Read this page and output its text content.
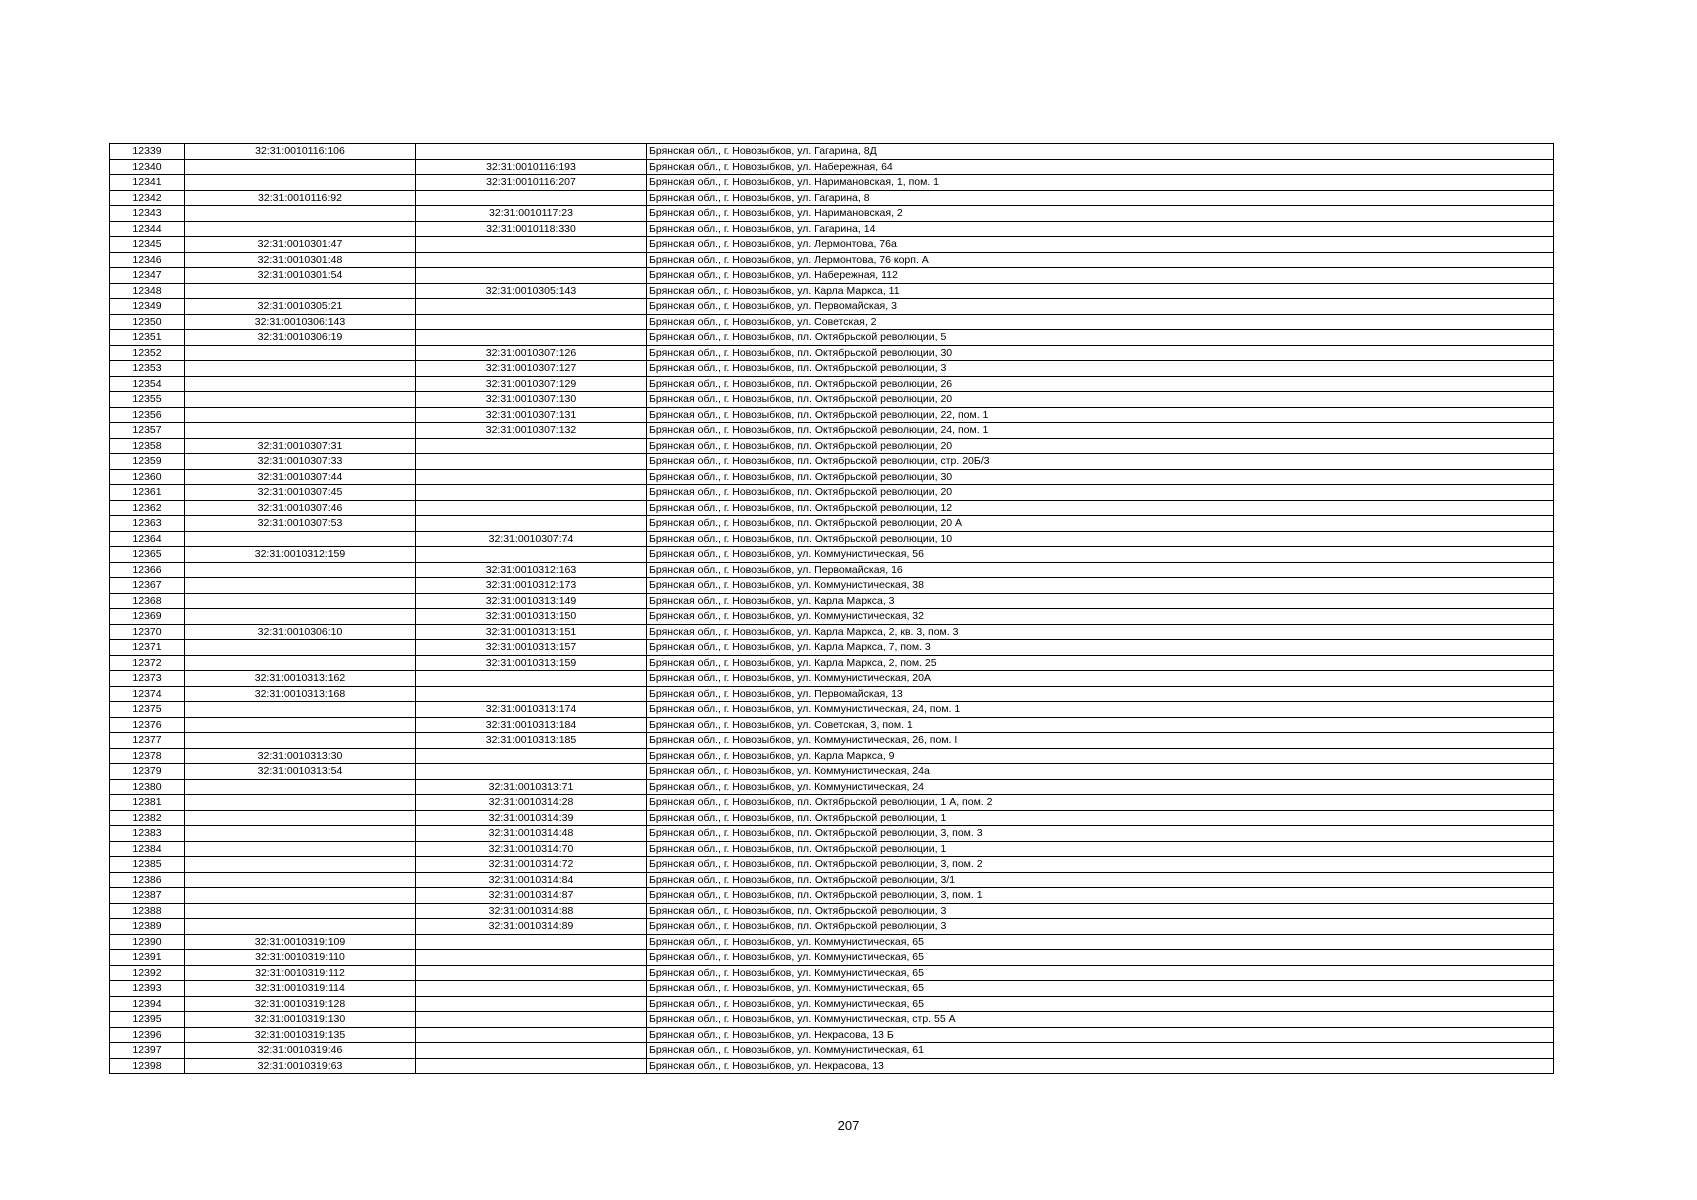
12339	32:31:0010116:106		Брянская обл., г. Новозыбков, ул. Гагарина, 8Д
12340		32:31:0010116:193	Брянская обл., г. Новозыбков, ул. Набережная, 64
12341		32:31:0010116:207	Брянская обл., г. Новозыбков, ул. Наримановская, 1, пом. 1
12342	32:31:0010116:92		Брянская обл., г. Новозыбков, ул. Гагарина, 8
12343		32:31:0010117:23	Брянская обл., г. Новозыбков, ул. Наримановская, 2
12344		32:31:0010118:330	Брянская обл., г. Новозыбков, ул. Гагарина, 14
12345	32:31:0010301:47		Брянская обл., г. Новозыбков, ул. Лермонтова, 76а
12346	32:31:0010301:48		Брянская обл., г. Новозыбков, ул. Лермонтова, 76 корп. А
12347	32:31:0010301:54		Брянская обл., г. Новозыбков, ул. Набережная, 112
12348		32:31:0010305:143	Брянская обл., г. Новозыбков, ул. Карла Маркса, 11
12349	32:31:0010305:21		Брянская обл., г. Новозыбков, ул. Первомайская, 3
12350	32:31:0010306:143		Брянская обл., г. Новозыбков, ул. Советская, 2
12351	32:31:0010306:19		Брянская обл., г. Новозыбков, пл. Октябрьской революции, 5
12352		32:31:0010307:126	Брянская обл., г. Новозыбков, пл. Октябрьской революции, 30
12353		32:31:0010307:127	Брянская обл., г. Новозыбков, пл. Октябрьской революции, 3
12354		32:31:0010307:129	Брянская обл., г. Новозыбков, пл. Октябрьской революции, 26
12355		32:31:0010307:130	Брянская обл., г. Новозыбков, пл. Октябрьской революции, 20
12356		32:31:0010307:131	Брянская обл., г. Новозыбков, пл. Октябрьской революции, 22, пом. 1
12357		32:31:0010307:132	Брянская обл., г. Новозыбков, пл. Октябрьской революции, 24, пом. 1
12358	32:31:0010307:31		Брянская обл., г. Новозыбков, пл. Октябрьской революции, 20
12359	32:31:0010307:33		Брянская обл., г. Новозыбков, пл. Октябрьской революции, стр. 20Б/3
12360	32:31:0010307:44		Брянская обл., г. Новозыбков, пл. Октябрьской революции, 30
12361	32:31:0010307:45		Брянская обл., г. Новозыбков, пл. Октябрьской революции, 20
12362	32:31:0010307:46		Брянская обл., г. Новозыбков, пл. Октябрьской революции, 12
12363	32:31:0010307:53		Брянская обл., г. Новозыбков, пл. Октябрьской революции, 20 А
12364		32:31:0010307:74	Брянская обл., г. Новозыбков, пл. Октябрьской революции, 10
12365	32:31:0010312:159		Брянская обл., г. Новозыбков, ул. Коммунистическая, 56
12366		32:31:0010312:163	Брянская обл., г. Новозыбков, ул. Первомайская, 16
12367		32:31:0010312:173	Брянская обл., г. Новозыбков, ул. Коммунистическая, 38
12368		32:31:0010313:149	Брянская обл., г. Новозыбков, ул. Карла Маркса, 3
12369		32:31:0010313:150	Брянская обл., г. Новозыбков, ул. Коммунистическая, 32
12370	32:31:0010306:10	32:31:0010313:151	Брянская обл., г. Новозыбков, ул. Карла Маркса, 2, кв. 3, пом. 3
12371		32:31:0010313:157	Брянская обл., г. Новозыбков, ул. Карла Маркса, 7, пом. 3
12372		32:31:0010313:159	Брянская обл., г. Новозыбков, ул. Карла Маркса, 2, пом. 25
12373	32:31:0010313:162		Брянская обл., г. Новозыбков, ул. Коммунистическая, 20А
12374	32:31:0010313:168		Брянская обл., г. Новозыбков, ул. Первомайская, 13
12375		32:31:0010313:174	Брянская обл., г. Новозыбков, ул. Коммунистическая, 24, пом. 1
12376		32:31:0010313:184	Брянская обл., г. Новозыбков, ул. Советская, 3, пом. 1
12377		32:31:0010313:185	Брянская обл., г. Новозыбков, ул. Коммунистическая, 26, пом. I
12378	32:31:0010313:30		Брянская обл., г. Новозыбков, ул. Карла Маркса, 9
12379	32:31:0010313:54		Брянская обл., г. Новозыбков, ул. Коммунистическая, 24а
12380		32:31:0010313:71	Брянская обл., г. Новозыбков, ул. Коммунистическая, 24
12381		32:31:0010314:28	Брянская обл., г. Новозыбков, пл. Октябрьской революции, 1 А, пом. 2
12382		32:31:0010314:39	Брянская обл., г. Новозыбков, пл. Октябрьской революции, 1
12383		32:31:0010314:48	Брянская обл., г. Новозыбков, пл. Октябрьской революции, 3, пом. 3
12384		32:31:0010314:70	Брянская обл., г. Новозыбков, пл. Октябрьской революции, 1
12385		32:31:0010314:72	Брянская обл., г. Новозыбков, пл. Октябрьской революции, 3, пом. 2
12386		32:31:0010314:84	Брянская обл., г. Новозыбков, пл. Октябрьской революции, 3/1
12387		32:31:0010314:87	Брянская обл., г. Новозыбков, пл. Октябрьской революции, 3, пом. 1
12388		32:31:0010314:88	Брянская обл., г. Новозыбков, пл. Октябрьской революции, 3
12389		32:31:0010314:89	Брянская обл., г. Новозыбков, пл. Октябрьской революции, 3
12390	32:31:0010319:109		Брянская обл., г. Новозыбков, ул. Коммунистическая, 65
12391	32:31:0010319:110		Брянская обл., г. Новозыбков, ул. Коммунистическая, 65
12392	32:31:0010319:112		Брянская обл., г. Новозыбков, ул. Коммунистическая, 65
12393	32:31:0010319:114		Брянская обл., г. Новозыбков, ул. Коммунистическая, 65
12394	32:31:0010319:128		Брянская обл., г. Новозыбков, ул. Коммунистическая, 65
12395	32:31:0010319:130		Брянская обл., г. Новозыбков, ул. Коммунистическая, стр. 55 А
12396	32:31:0010319:135		Брянская обл., г. Новозыбков, ул. Некрасова, 13 Б
12397	32:31:0010319:46		Брянская обл., г. Новозыбков, ул. Коммунистическая, 61
12398	32:31:0010319:63		Брянская обл., г. Новозыбков, ул. Некрасова, 13
207
